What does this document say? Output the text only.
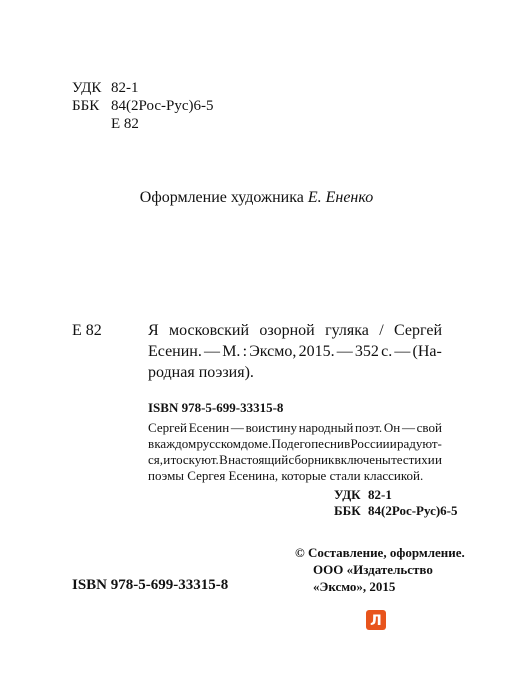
УДК 82-1
ББК 84(2Рос-Рус)6-5
Е 82
Оформление художника Е. Ененко
Е 82	Я московский озорной гуляка / Сергей
Есенин. — М. : Эксмо, 2015. — 352 с. — (На-
родная поэзия).
ISBN 978-5-699-33315-8
Сергей Есенин — воистину народный поэт. Он — свой
в каждом русском доме. Под его песни в России и радуют-
ся, и тоскуют. В настоящий сборник включены те стихи и
поэмы Сергея Есенина, которые стали классикой.
УДК 82-1
ББК 84(2Рос-Рус)6-5
© Составление, оформление.
ООО «Издательство
«Эксмо», 2015
ISBN 978-5-699-33315-8
Л
